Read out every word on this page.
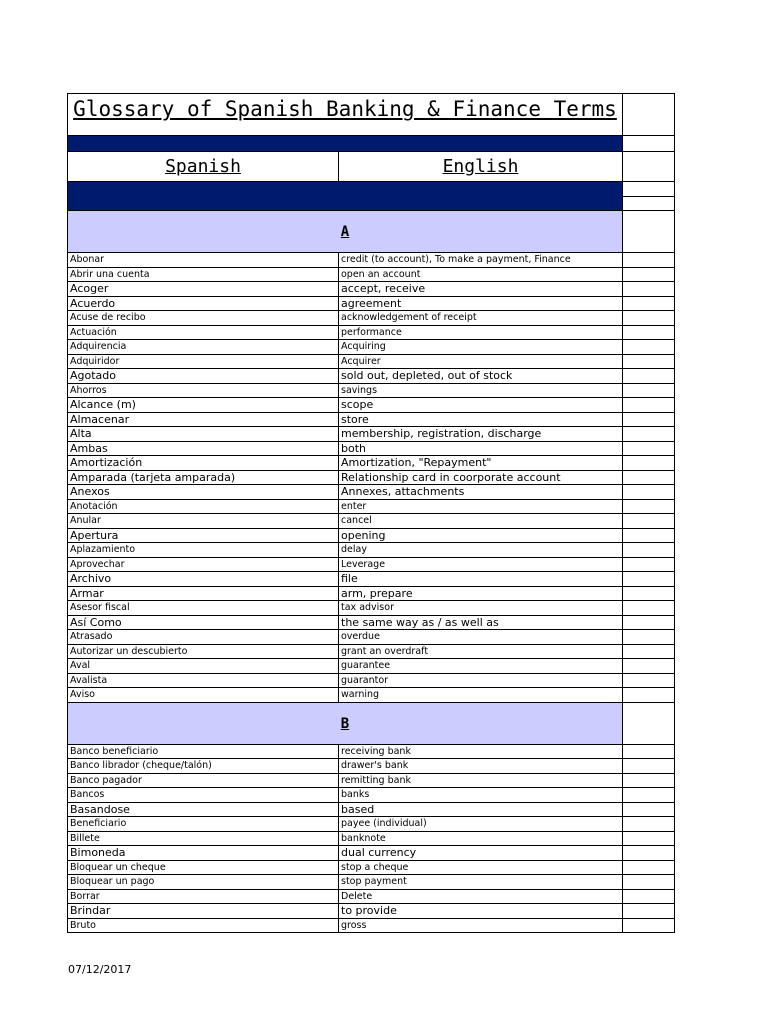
Glossary of Spanish Banking & Finance Terms
Spanish	English
A
Abonar	credit (to account), To make a payment, Finance
Abrir una cuenta	open an account
Acoger	accept, receive
Acuerdo	agreement
Acuse de recibo	acknowledgement of receipt
Actuación	performance
Adquirencia	Acquiring
Adquiridor	Acquirer
Agotado	sold out, depleted, out of stock
Ahorros	savings
Alcance (m)	scope
Almacenar	store
Alta	membership, registration, discharge
Ambas	both
Amortización	Amortization, "Repayment"
Amparada (tarjeta amparada)	Relationship card in coorporate account
Anexos	Annexes, attachments
Anotación	enter
Anular	cancel
Apertura	opening
Aplazamiento	delay
Aprovechar	Leverage
Archivo	file
Armar	arm, prepare
Asesor fiscal	tax advisor
Así Como	the same way as / as well as
Atrasado	overdue
Autorizar un descubierto	grant an overdraft
Aval	guarantee
Avalista	guarantor
Aviso	warning
B
Banco beneficiario	receiving bank
Banco librador (cheque/talón)	drawer's bank
Banco pagador	remitting bank
Bancos	banks
Basandose	based
Beneficiario	payee (individual)
Billete	banknote
Bimoneda	dual currency
Bloquear un cheque	stop a cheque
Bloquear un pago	stop payment
Borrar	Delete
Brindar	to provide
Bruto	gross
07/12/2017
